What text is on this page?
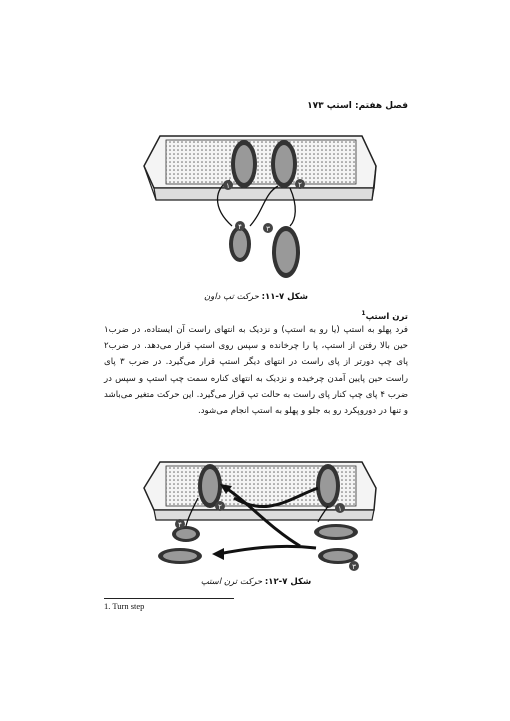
فصل هفتم: استپ ۱۷۳
۱	۲
۳
۴
شکل ۷-۱۱: حرکت تپ داون
ترن استپ$^1$
فرد پهلو به استپ (یا رو به استپ) و نزدیک به انتهای راست آن ایستاده، در ضرب۱ حین بالا رفتن از استپ، پا را چرخانده و سپس روی استپ قرار می‌دهد. در ضرب۲ پای چپ دورتر از پای راست در انتهای دیگر استپ قرار می‌گیرد. در ضرب ۳ پای راست حین پایین آمدن چرخیده و نزدیک به انتهای کناره سمت چپ استپ و سپس در ضرب ۴ پای چپ کنار پای راست به حالت تپ قرار می‌گیرد. این حرکت متغیر می‌باشد و تنها در دوروپکرد رو به جلو و پهلو به استپ انجام می‌شود.
۱
۲
۳
۴
شکل ۷-۱۲: حرکت ترن استپ
1. Turn step
